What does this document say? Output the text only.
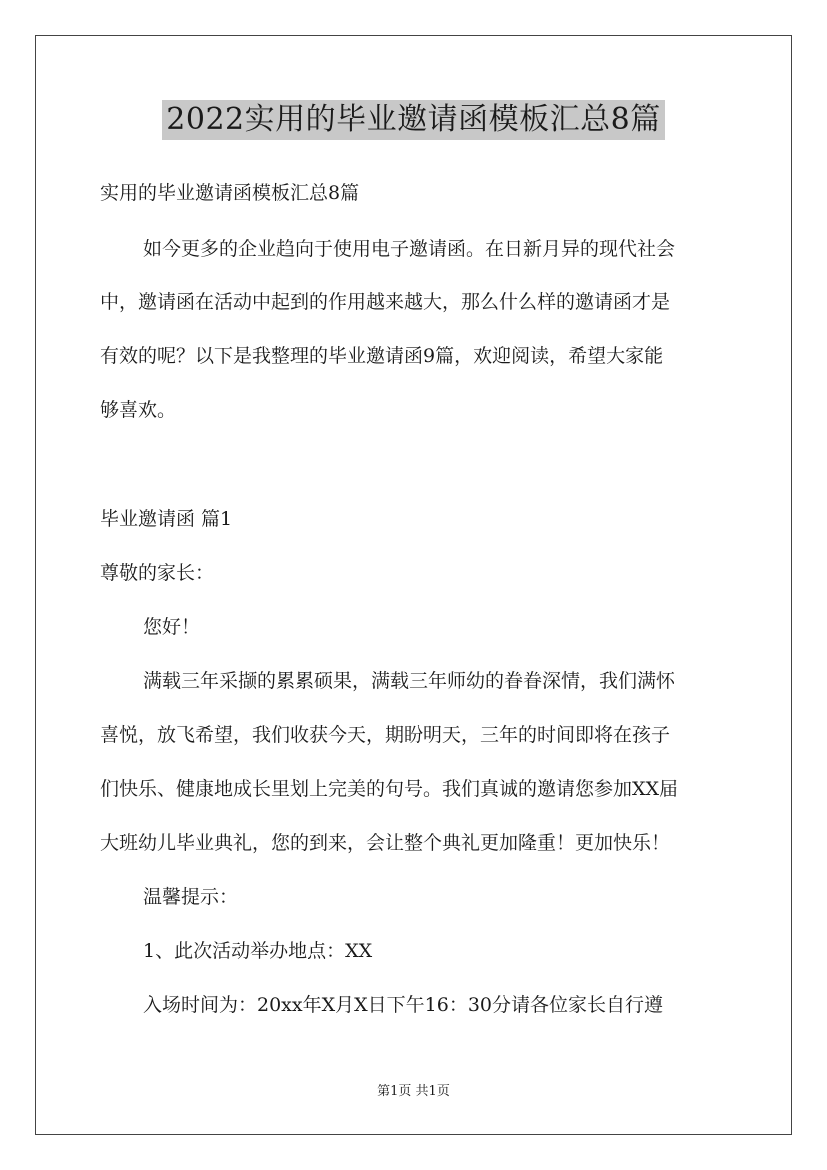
2022实用的毕业邀请函模板汇总8篇
实用的毕业邀请函模板汇总8篇
如今更多的企业趋向于使用电子邀请函。在日新月异的现代社会
中，邀请函在活动中起到的作用越来越大，那么什么样的邀请函才是
有效的呢？以下是我整理的毕业邀请函9篇，欢迎阅读，希望大家能
够喜欢。
毕业邀请函 篇1
尊敬的家长：
您好！
满载三年采撷的累累硕果，满载三年师幼的眷眷深情，我们满怀
喜悦，放飞希望，我们收获今天，期盼明天，三年的时间即将在孩子
们快乐、健康地成长里划上完美的句号。我们真诚的邀请您参加XX届
大班幼儿毕业典礼，您的到来，会让整个典礼更加隆重！更加快乐！
温馨提示：
1、此次活动举办地点：XX
入场时间为：20xx年X月X日下午16：30分请各位家长自行遵
第1页 共1页
